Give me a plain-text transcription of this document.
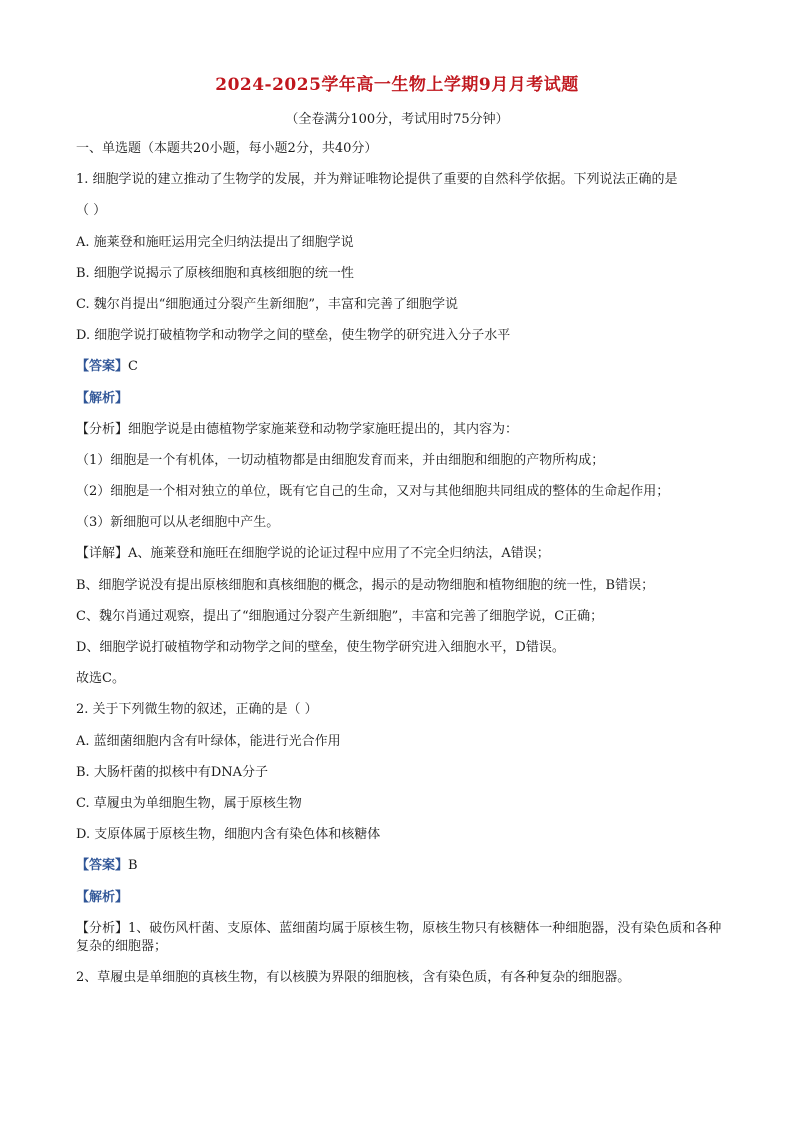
2024-2025学年高一生物上学期9月月考试题
（全卷满分100分，考试用时75分钟）

一、单选题（本题共20小题，每小题2分，共40分）

1. 细胞学说的建立推动了生物学的发展，并为辩证唯物论提供了重要的自然科学依据。下列说法正确的是

（ ）

A. 施莱登和施旺运用完全归纳法提出了细胞学说

B. 细胞学说揭示了原核细胞和真核细胞的统一性

C. 魏尔肖提出“细胞通过分裂产生新细胞”，丰富和完善了细胞学说

D. 细胞学说打破植物学和动物学之间的壁垒，使生物学的研究进入分子水平

【答案】C

【解析】

【分析】细胞学说是由德植物学家施莱登和动物学家施旺提出的，其内容为：

（1）细胞是一个有机体，一切动植物都是由细胞发育而来，并由细胞和细胞的产物所构成；

（2）细胞是一个相对独立的单位，既有它自己的生命，又对与其他细胞共同组成的整体的生命起作用；

（3）新细胞可以从老细胞中产生。

【详解】A、施莱登和施旺在细胞学说的论证过程中应用了不完全归纳法，A错误；

B、细胞学说没有提出原核细胞和真核细胞的概念，揭示的是动物细胞和植物细胞的统一性，B错误；

C、魏尔肖通过观察，提出了“细胞通过分裂产生新细胞”，丰富和完善了细胞学说，C正确；

D、细胞学说打破植物学和动物学之间的壁垒，使生物学研究进入细胞水平，D错误。

故选C。

2. 关于下列微生物的叙述，正确的是（ ）

A. 蓝细菌细胞内含有叶绿体，能进行光合作用

B. 大肠杆菌的拟核中有DNA分子

C. 草履虫为单细胞生物，属于原核生物

D. 支原体属于原核生物，细胞内含有染色体和核糖体

【答案】B

【解析】

【分析】1、破伤风杆菌、支原体、蓝细菌均属于原核生物，原核生物只有核糖体一种细胞器，没有染色质和各种复杂的细胞器；

2、草履虫是单细胞的真核生物，有以核膜为界限的细胞核，含有染色质，有各种复杂的细胞器。
